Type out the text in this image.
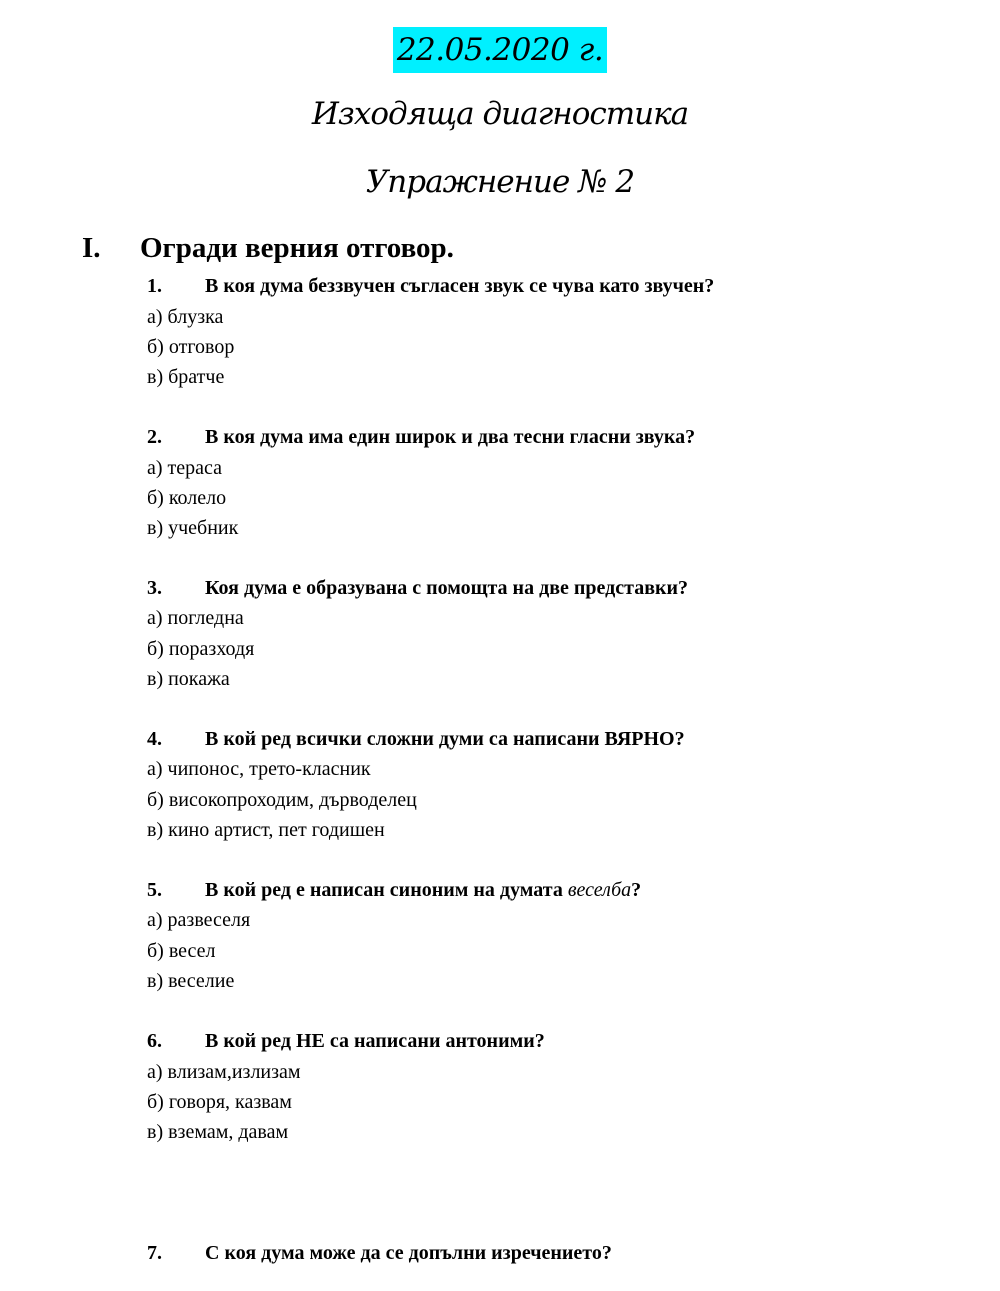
22.05.2020 г.
Изходяща диагностика
Упражнение № 2
I. Огради верния отговор.
1. В коя дума беззвучен съгласен звук се чува като звучен?
а) блузка
б) отговор
в) братче
2. В коя дума има един широк и два тесни гласни звука?
а) тераса
б) колело
в) учебник
3. Коя дума е образувана с помощта на две представки?
а) погледна
б) поразходя
в) покажа
4. В кой ред всички сложни думи са написани ВЯРНО?
а) чипонос, трето-класник
б) високопроходим, дърводелец
в) кино артист, пет годишен
5. В кой ред е написан синоним на думата веселба?
а) развеселя
б) весел
в) веселие
6. В кой ред НЕ са написани антоними?
а) влизам,излизам
б) говоря, казвам
в) вземам, давам
7. С коя дума може да се допълни изречението?
